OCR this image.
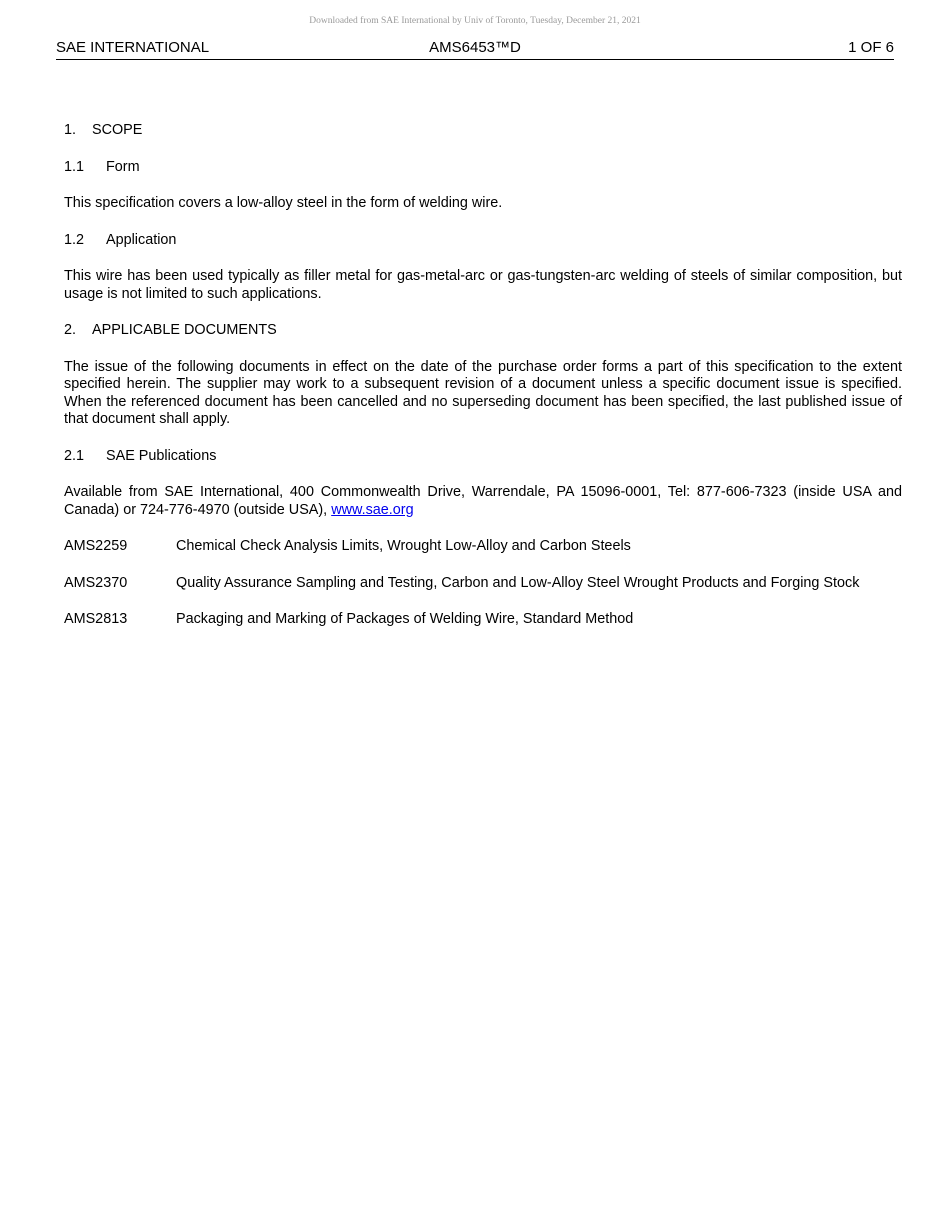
Downloaded from SAE International by Univ of Toronto, Tuesday, December 21, 2021
SAE INTERNATIONAL	AMS6453™D	1 OF 6
1. SCOPE
1.1 Form
This specification covers a low-alloy steel in the form of welding wire.
1.2 Application
This wire has been used typically as filler metal for gas-metal-arc or gas-tungsten-arc welding of steels of similar composition, but usage is not limited to such applications.
2. APPLICABLE DOCUMENTS
The issue of the following documents in effect on the date of the purchase order forms a part of this specification to the extent specified herein. The supplier may work to a subsequent revision of a document unless a specific document issue is specified. When the referenced document has been cancelled and no superseding document has been specified, the last published issue of that document shall apply.
2.1 SAE Publications
Available from SAE International, 400 Commonwealth Drive, Warrendale, PA 15096-0001, Tel: 877-606-7323 (inside USA and Canada) or 724-776-4970 (outside USA), www.sae.org
AMS2259	Chemical Check Analysis Limits, Wrought Low-Alloy and Carbon Steels
AMS2370	Quality Assurance Sampling and Testing, Carbon and Low-Alloy Steel Wrought Products and Forging Stock
AMS2813	Packaging and Marking of Packages of Welding Wire, Standard Method
